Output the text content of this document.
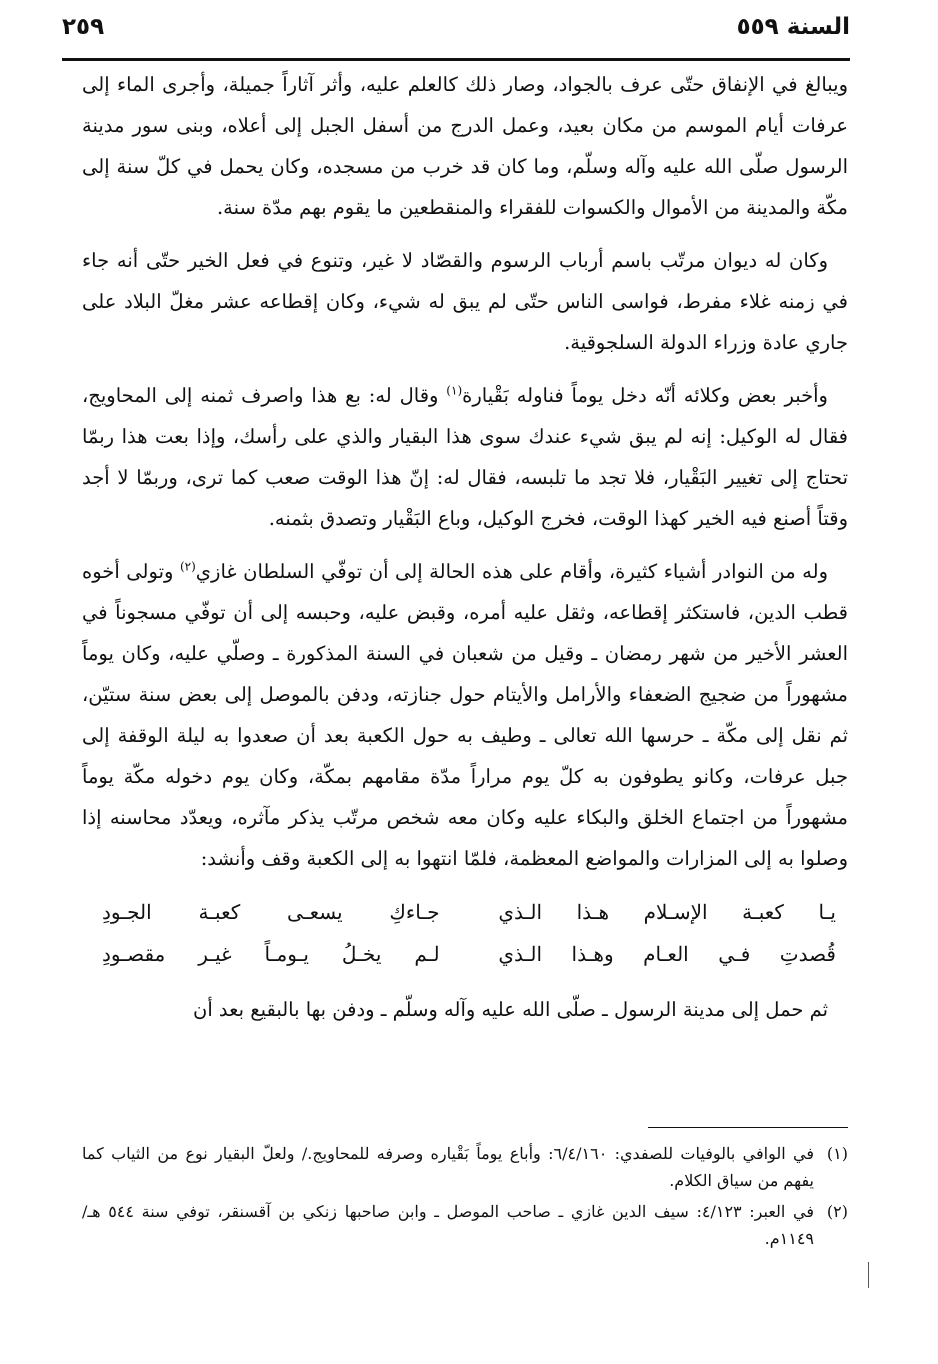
السنة ٥٥٩
٢٥٩

ويبالغ في الإنفاق حتّى عرف بالجواد، وصار ذلك كالعلم عليه، وأثر آثاراً جميلة، وأجرى الماء إلى عرفات أيام الموسم من مكان بعيد، وعمل الدرج من أسفل الجبل إلى أعلاه، وبنى سور مدينة الرسول صلّى الله عليه وآله وسلّم، وما كان قد خرب من مسجده، وكان يحمل في كلّ سنة إلى مكّة والمدينة من الأموال والكسوات للفقراء والمنقطعين ما يقوم بهم مدّة سنة.

وكان له ديوان مرتّب باسم أرباب الرسوم والقصّاد لا غير، وتنوع في فعل الخير حتّى أنه جاء في زمنه غلاء مفرط، فواسى الناس حتّى لم يبق له شيء، وكان إقطاعه عشر مغلّ البلاد على جاري عادة وزراء الدولة السلجوقية.

وأخبر بعض وكلائه أنّه دخل يوماً فناوله بَقْيارة$^{(١)}$ وقال له: بع هذا واصرف ثمنه إلى المحاويج، فقال له الوكيل: إنه لم يبق شيء عندك سوى هذا البقيار والذي على رأسك، وإذا بعت هذا ربمّا تحتاج إلى تغيير البَقْيار، فلا تجد ما تلبسه، فقال له: إنّ هذا الوقت صعب كما ترى، وربمّا لا أجد وقتاً أصنع فيه الخير كهذا الوقت، فخرج الوكيل، وباع البَقْيار وتصدق بثمنه.

وله من النوادر أشياء كثيرة، وأقام على هذه الحالة إلى أن توفّي السلطان غازي$^{(٢)}$ وتولى أخوه قطب الدين، فاستكثر إقطاعه، وثقل عليه أمره، وقبض عليه، وحبسه إلى أن توفّي مسجوناً في العشر الأخير من شهر رمضان ـ وقيل من شعبان في السنة المذكورة ـ وصلّي عليه، وكان يوماً مشهوراً من ضجيج الضعفاء والأرامل والأيتام حول جنازته، ودفن بالموصل إلى بعض سنة ستيّن، ثم نقل إلى مكّة ـ حرسها الله تعالى ـ وطيف به حول الكعبة بعد أن صعدوا به ليلة الوقفة إلى جبل عرفات، وكانو يطوفون به كلّ يوم مراراً مدّة مقامهم بمكّة، وكان يوم دخوله مكّة يوماً مشهوراً من اجتماع الخلق والبكاء عليه وكان معه شخص مرتّب يذكر مآثره، ويعدّد محاسنه إذا وصلوا به إلى المزارات والمواضع المعظمة، فلمّا انتهوا به إلى الكعبة وقف وأنشد:

يـا كعبـة الإسـلام هـذا الـذي
جـاءكِ يسعـى كعبـة الجـودِ
قُصدتِ فـي العـام وهـذا الـذي
لـم يخـلُ يـومـاً غيـر مقصـودِ

ثم حمل إلى مدينة الرسول ـ صلّى الله عليه وآله وسلّم ـ ودفن بها بالبقيع بعد أن

(١)
في الوافي بالوفيات للصفدي: ٦/٤/١٦٠: وأباع يوماً بَقْياره وصرفه للمحاويج./ ولعلّ البقيار نوع من الثياب كما يفهم من سياق الكلام.
(٢)
في العبر: ٤/١٢٣: سيف الدين غازي ـ صاحب الموصل ـ وابن صاحبها زنكي بن آقسنقر، توفي سنة ٥٤٤ هـ/١١٤٩م.
